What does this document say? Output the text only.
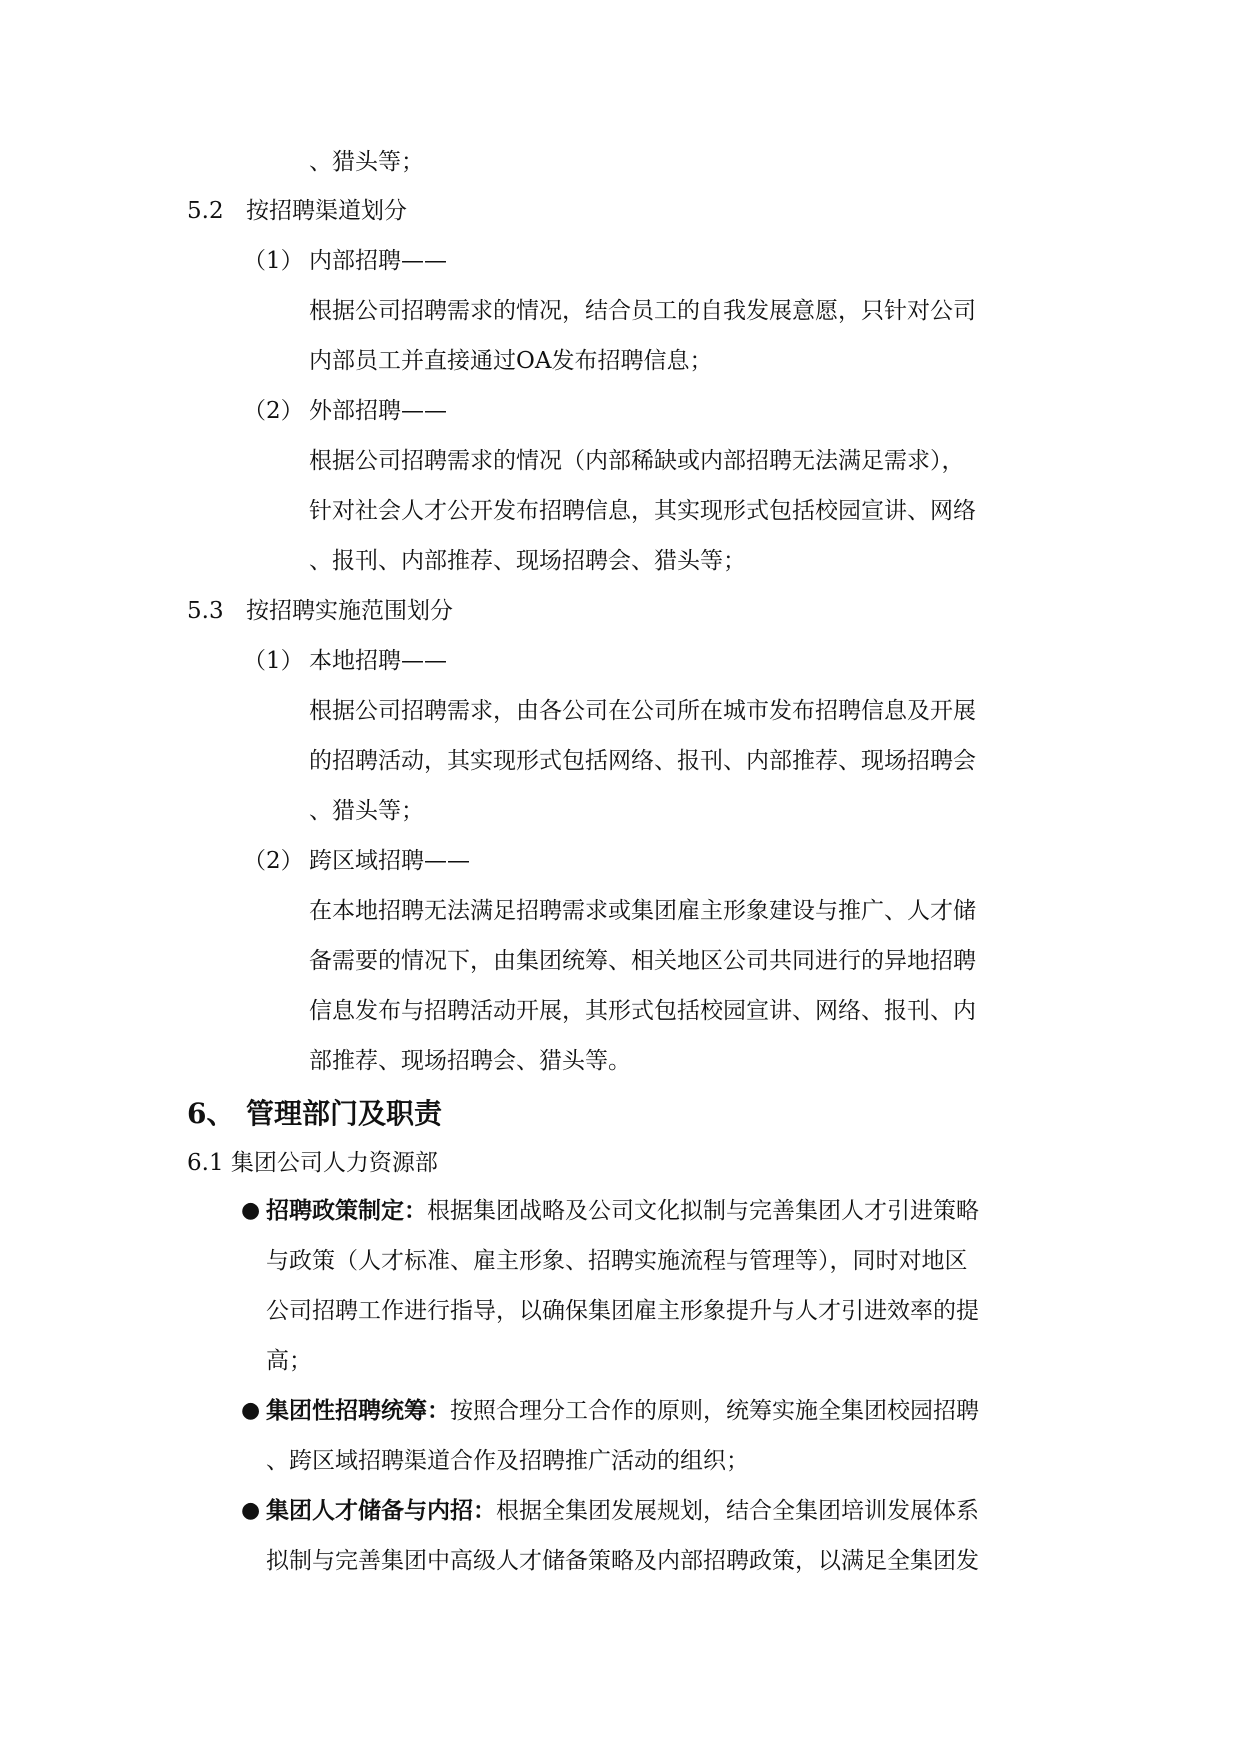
、猎头等；
5.2 按招聘渠道划分
（1） 内部招聘——
根据公司招聘需求的情况，结合员工的自我发展意愿，只针对公司
内部员工并直接通过OA发布招聘信息；
（2） 外部招聘——
根据公司招聘需求的情况（内部稀缺或内部招聘无法满足需求），
针对社会人才公开发布招聘信息，其实现形式包括校园宣讲、网络
、报刊、内部推荐、现场招聘会、猎头等；
5.3 按招聘实施范围划分
（1） 本地招聘——
根据公司招聘需求，由各公司在公司所在城市发布招聘信息及开展
的招聘活动，其实现形式包括网络、报刊、内部推荐、现场招聘会
、猎头等；
（2） 跨区域招聘——
在本地招聘无法满足招聘需求或集团雇主形象建设与推广、人才储
备需要的情况下，由集团统筹、相关地区公司共同进行的异地招聘
信息发布与招聘活动开展，其形式包括校园宣讲、网络、报刊、内
部推荐、现场招聘会、猎头等。
6、 管理部门及职责
6.1 集团公司人力资源部
● 招聘政策制定：根据集团战略及公司文化拟制与完善集团人才引进策略
与政策（人才标准、雇主形象、招聘实施流程与管理等），同时对地区
公司招聘工作进行指导，以确保集团雇主形象提升与人才引进效率的提
高；
● 集团性招聘统筹：按照合理分工合作的原则，统筹实施全集团校园招聘
、跨区域招聘渠道合作及招聘推广活动的组织；
● 集团人才储备与内招：根据全集团发展规划，结合全集团培训发展体系
拟制与完善集团中高级人才储备策略及内部招聘政策，以满足全集团发
